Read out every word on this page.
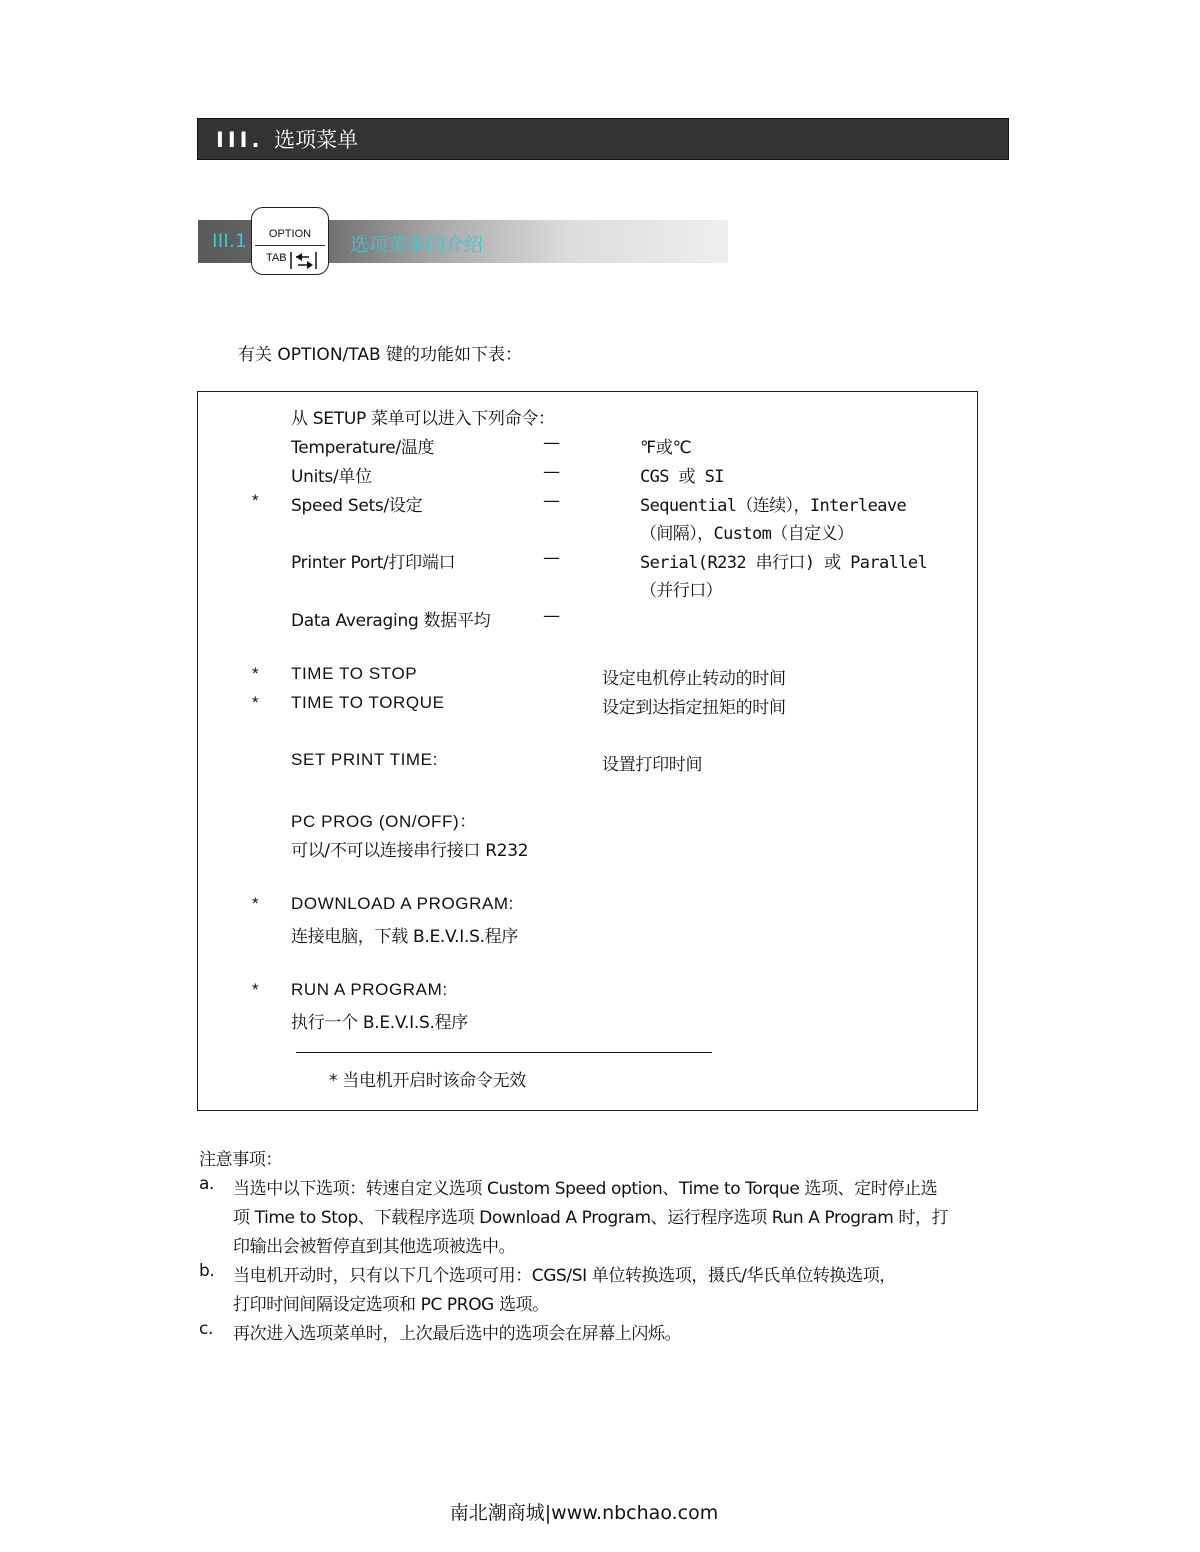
III. 选项菜单
III.1	OPTION
TAB
选项菜单的介绍
有关 OPTION/TAB 键的功能如下表：
从 SETUP 菜单可以进入下列命令：
Temperature/温度	—	℉或℃
Units/单位	—	CGS 或 SI
* Speed Sets/设定	—	Sequential（连续），Interleave
（间隔），Custom（自定义）
Printer Port/打印端口	—	Serial(R232 串行口) 或 Parallel
（并行口）
Data Averaging 数据平均	—
* TIME TO STOP	设定电机停止转动的时间
* TIME TO TORQUE	设定到达指定扭矩的时间
SET PRINT TIME:	设置打印时间
PC PROG (ON/OFF)：
可以/不可以连接串行接口 R232
* DOWNLOAD A PROGRAM:
连接电脑，下载 B.E.V.I.S.程序
* RUN A PROGRAM:
执行一个 B.E.V.I.S.程序
* 当电机开启时该命令无效
注意事项：
a. 当选中以下选项：转速自定义选项 Custom Speed option、Time to Torque 选项、定时停止选
项 Time to Stop、下载程序选项 Download A Program、运行程序选项 Run A Program 时，打
印输出会被暂停直到其他选项被选中。
b. 当电机开动时，只有以下几个选项可用：CGS/SI 单位转换选项，摄氏/华氏单位转换选项，
打印时间间隔设定选项和 PC PROG 选项。
c. 再次进入选项菜单时，上次最后选中的选项会在屏幕上闪烁。
南北潮商城|www.nbchao.com
